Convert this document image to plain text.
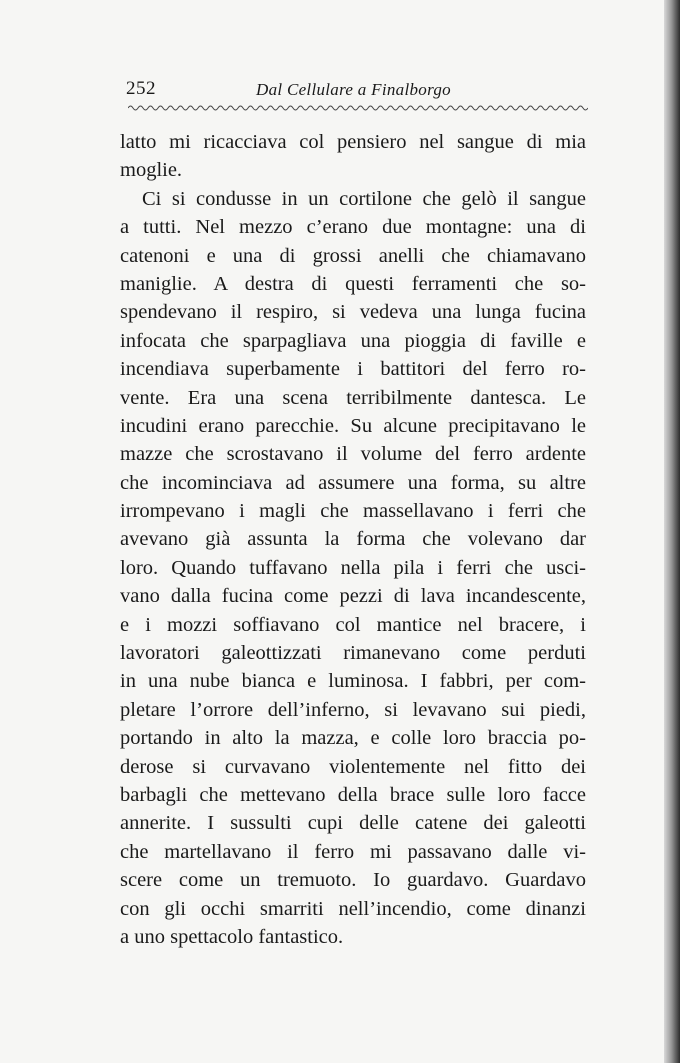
252	Dal Cellulare a Finalborgo
latto mi ricacciava col pensiero nel sangue di mia
moglie.
Ci si condusse in un cortilone che gelò il sangue
a tutti. Nel mezzo c’erano due montagne: una di
catenoni e una di grossi anelli che chiamavano
maniglie. A destra di questi ferramenti che so-
spendevano il respiro, si vedeva una lunga fucina
infocata che sparpagliava una pioggia di faville e
incendiava superbamente i battitori del ferro ro-
vente. Era una scena terribilmente dantesca. Le
incudini erano parecchie. Su alcune precipitavano le
mazze che scrostavano il volume del ferro ardente
che incominciava ad assumere una forma, su altre
irrompevano i magli che massellavano i ferri che
avevano già assunta la forma che volevano dar
loro. Quando tuffavano nella pila i ferri che usci-
vano dalla fucina come pezzi di lava incandescente,
e i mozzi soffiavano col mantice nel bracere, i
lavoratori galeottizzati rimanevano come perduti
in una nube bianca e luminosa. I fabbri, per com-
pletare l’orrore dell’inferno, si levavano sui piedi,
portando in alto la mazza, e colle loro braccia po-
derose si curvavano violentemente nel fitto dei
barbagli che mettevano della brace sulle loro facce
annerite. I sussulti cupi delle catene dei galeotti
che martellavano il ferro mi passavano dalle vi-
scere come un tremuoto. Io guardavo. Guardavo
con gli occhi smarriti nell’incendio, come dinanzi
a uno spettacolo fantastico.
